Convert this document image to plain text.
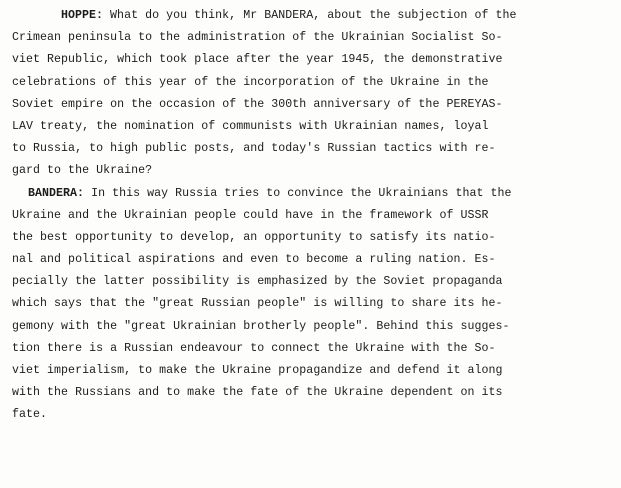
HOPPE: What do you think, Mr BANDERA, about the subjection of the
Crimean peninsula to the administration of the Ukrainian Socialist So-
viet Republic, which took place after the year 1945, the demonstrative
celebrations of this year of the incorporation of the Ukraine in the
Soviet empire on the occasion of the 300th anniversary of the PEREYAS-
LAV treaty, the nomination of communists with Ukrainian names, loyal
to Russia, to high public posts, and today's Russian tactics with re-
gard to the Ukraine?
BANDERA: In this way Russia tries to convince the Ukrainians that the
Ukraine and the Ukrainian people could have in the framework of USSR
the best opportunity to develop, an opportunity to satisfy its natio-
nal and political aspirations and even to become a ruling nation. Es-
pecially the latter possibility is emphasized by the Soviet propaganda
which says that the "great Russian people" is willing to share its he-
gemony with the "great Ukrainian brotherly people". Behind this sugges-
tion there is a Russian endeavour to connect the Ukraine with the So-
viet imperialism, to make the Ukraine propagandize and defend it along
with the Russians and to make the fate of the Ukraine dependent on its
fate.
